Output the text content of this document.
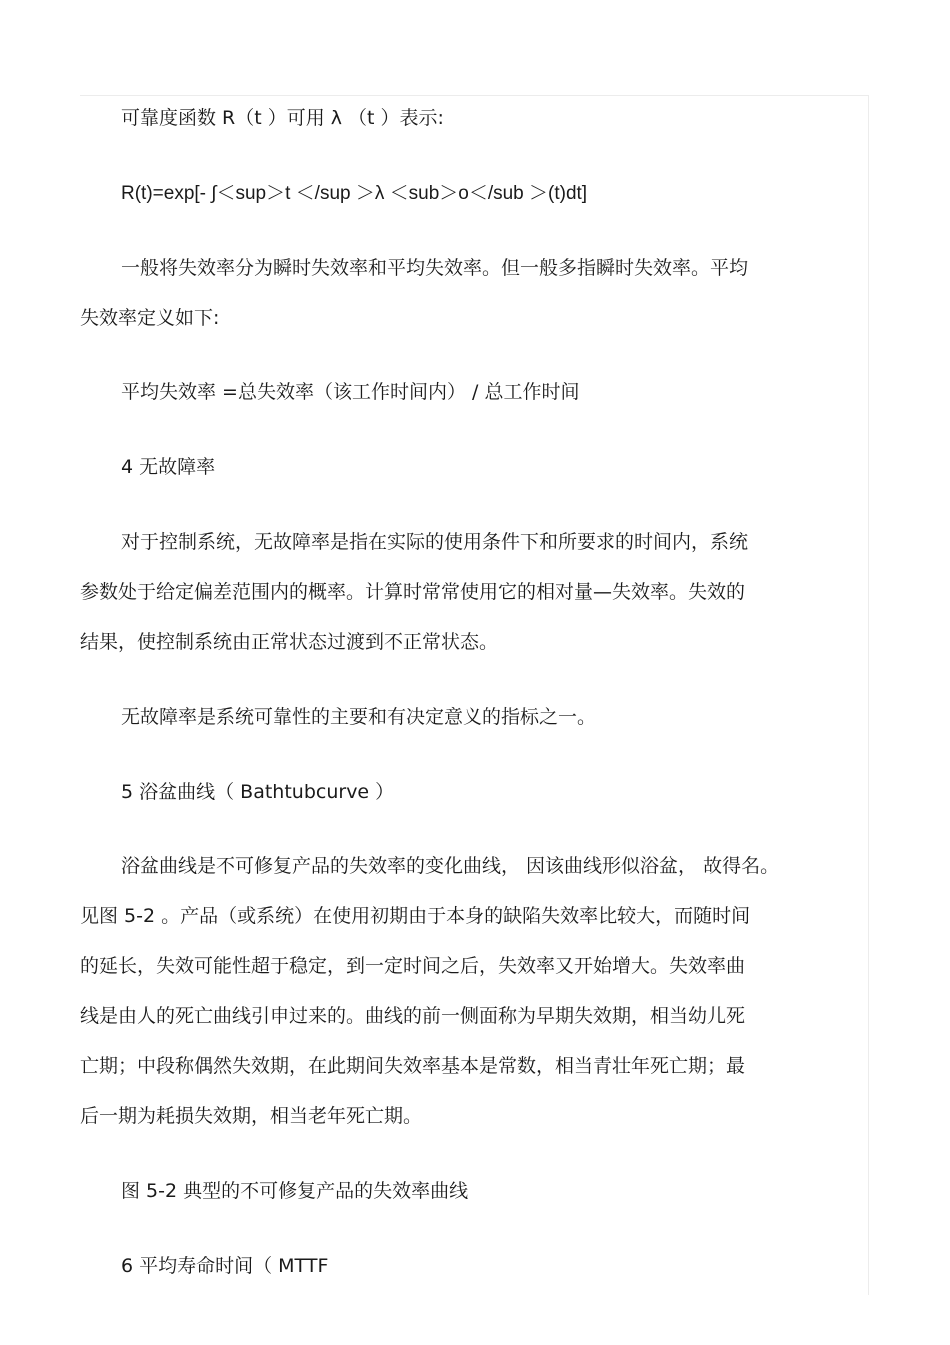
可靠度函数 R（t ）可用 λ （t ）表示:
R(t)=exp[- ∫＜sup＞t ＜/sup ＞λ ＜sub＞o＜/sub ＞(t)dt]
一般将失效率分为瞬时失效率和平均失效率。但一般多指瞬时失效率。平均
失效率定义如下:
平均失效率 =总失效率（该工作时间内） / 总工作时间
4 无故障率
对于控制系统，无故障率是指在实际的使用条件下和所要求的时间内，系统
参数处于给定偏差范围内的概率。计算时常常使用它的相对量—失效率。失效的
结果，使控制系统由正常状态过渡到不正常状态。
无故障率是系统可靠性的主要和有决定意义的指标之一。
5 浴盆曲线（ Bathtubcurve ）
浴盆曲线是不可修复产品的失效率的变化曲线， 因该曲线形似浴盆， 故得名。
见图 5-2 。产品（或系统）在使用初期由于本身的缺陷失效率比较大，而随时间
的延长，失效可能性超于稳定，到一定时间之后，失效率又开始增大。失效率曲
线是由人的死亡曲线引申过来的。曲线的前一侧面称为早期失效期，相当幼儿死
亡期；中段称偶然失效期，在此期间失效率基本是常数，相当青壮年死亡期；最
后一期为耗损失效期，相当老年死亡期。
图 5-2 典型的不可修复产品的失效率曲线
6 平均寿命时间（ MTTF
